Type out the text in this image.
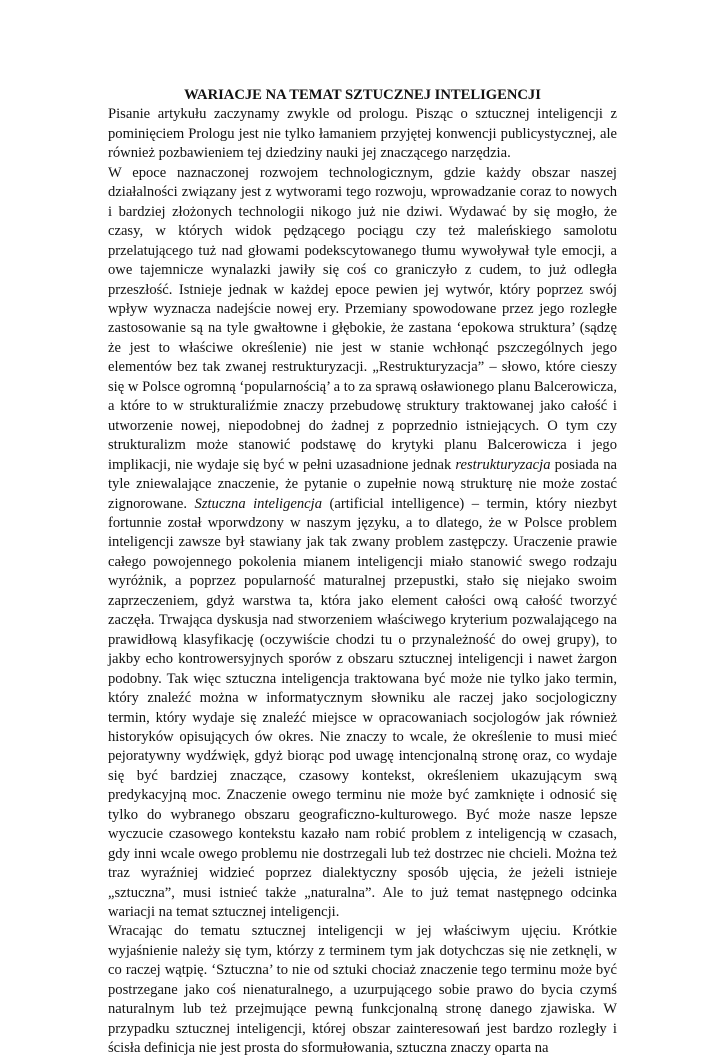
WARIACJE NA TEMAT SZTUCZNEJ INTELIGENCJI

Pisanie artykułu zaczynamy zwykle od prologu. Pisząc o sztucznej inteligencji z pominięciem Prologu jest nie tylko łamaniem przyjętej konwencji publicystycznej, ale również pozbawieniem tej dziedziny nauki jej znaczącego narzędzia.

W epoce naznaczonej rozwojem technologicznym, gdzie każdy obszar naszej działalności związany jest z wytworami tego rozwoju, wprowadzanie coraz to nowych i bardziej złożonych technologii nikogo już nie dziwi. Wydawać by się mogło, że czasy, w których widok pędzącego pociągu czy też maleńskiego samolotu przelatującego tuż nad głowami podekscytowanego tłumu wywoływał tyle emocji, a owe tajemnicze wynalazki jawiły się coś co graniczyło z cudem, to już odległa przeszłość. Istnieje jednak w każdej epoce pewien jej wytwór, który poprzez swój wpływ wyznacza nadejście nowej ery. Przemiany spowodowane przez jego rozległe zastosowanie są na tyle gwałtowne i głębokie, że zastana ‘epokowa struktura’ (sądzę że jest to właściwe określenie) nie jest w stanie wchłonąć pszczególnych jego elementów bez tak zwanej restrukturyzacji. „Restrukturyzacja” – słowo, które cieszy się w Polsce ogromną ‘popularnością’ a to za sprawą osławionego planu Balcerowicza, a które to w strukturaliźmie znaczy przebudowę struktury traktowanej jako całość i utworzenie nowej, niepodobnej do żadnej z poprzednio istniejących. O tym czy strukturalizm może stanowić podstawę do krytyki planu Balcerowicza i jego implikacji, nie wydaje się być w pełni uzasadnione jednak restrukturyzacja posiada na tyle zniewalające znaczenie, że pytanie o zupełnie nową strukturę nie może zostać zignorowane. Sztuczna inteligencja (artificial intelligence) – termin, który niezbyt fortunnie został wporwdzony w naszym języku, a to dlatego, że w Polsce problem inteligencji zawsze był stawiany jak tak zwany problem zastępczy. Uraczenie prawie całego powojennego pokolenia mianem inteligencji miało stanowić swego rodzaju wyróżnik, a poprzez popularność maturalnej przepustki, stało się niejako swoim zaprzeczeniem, gdyż warstwa ta, która jako element całości ową całość tworzyć zaczęła. Trwająca dyskusja nad stworzeniem właściwego kryterium pozwalającego na prawidłową klasyfikację (oczywiście chodzi tu o przynależność do owej grupy), to jakby echo kontrowersyjnych sporów z obszaru sztucznej inteligencji i nawet żargon podobny. Tak więc sztuczna inteligencja traktowana być może nie tylko jako termin, który znaleźć można w informatycznym słowniku ale raczej jako socjologiczny termin, który wydaje się znaleźć miejsce w opracowaniach socjologów jak również historyków opisujących ów okres. Nie znaczy to wcale, że określenie to musi mieć pejoratywny wydźwięk, gdyż biorąc pod uwagę intencjonalną stronę oraz, co wydaje się być bardziej znaczące, czasowy kontekst, określeniem ukazującym swą predykacyjną moc. Znaczenie owego terminu nie może być zamknięte i odnosić się tylko do wybranego obszaru geograficzno-kulturowego. Być może nasze lepsze wyczucie czasowego kontekstu kazało nam robić problem z inteligencją w czasach, gdy inni wcale owego problemu nie dostrzegali lub też dostrzec nie chcieli. Można też traz wyraźniej widzieć poprzez dialektyczny sposób ujęcia, że jeżeli istnieje „sztuczna”, musi istnieć także „naturalna”. Ale to już temat następnego odcinka wariacji na temat sztucznej inteligencji.

Wracając do tematu sztucznej inteligencji w jej właściwym ujęciu. Krótkie wyjaśnienie należy się tym, którzy z terminem tym jak dotychczas się nie zetknęli, w co raczej wątpię. ‘Sztuczna’ to nie od sztuki chociaż znaczenie tego terminu może być postrzegane jako coś nienaturalnego, a uzurpującego sobie prawo do bycia czymś naturalnym lub też przejmujące pewną funkcjonalną stronę danego zjawiska. W przypadku sztucznej inteligencji, której obszar zainteresowań jest bardzo rozległy i ścisła definicja nie jest prosta do sformułowania, sztuczna znaczy oparta na
